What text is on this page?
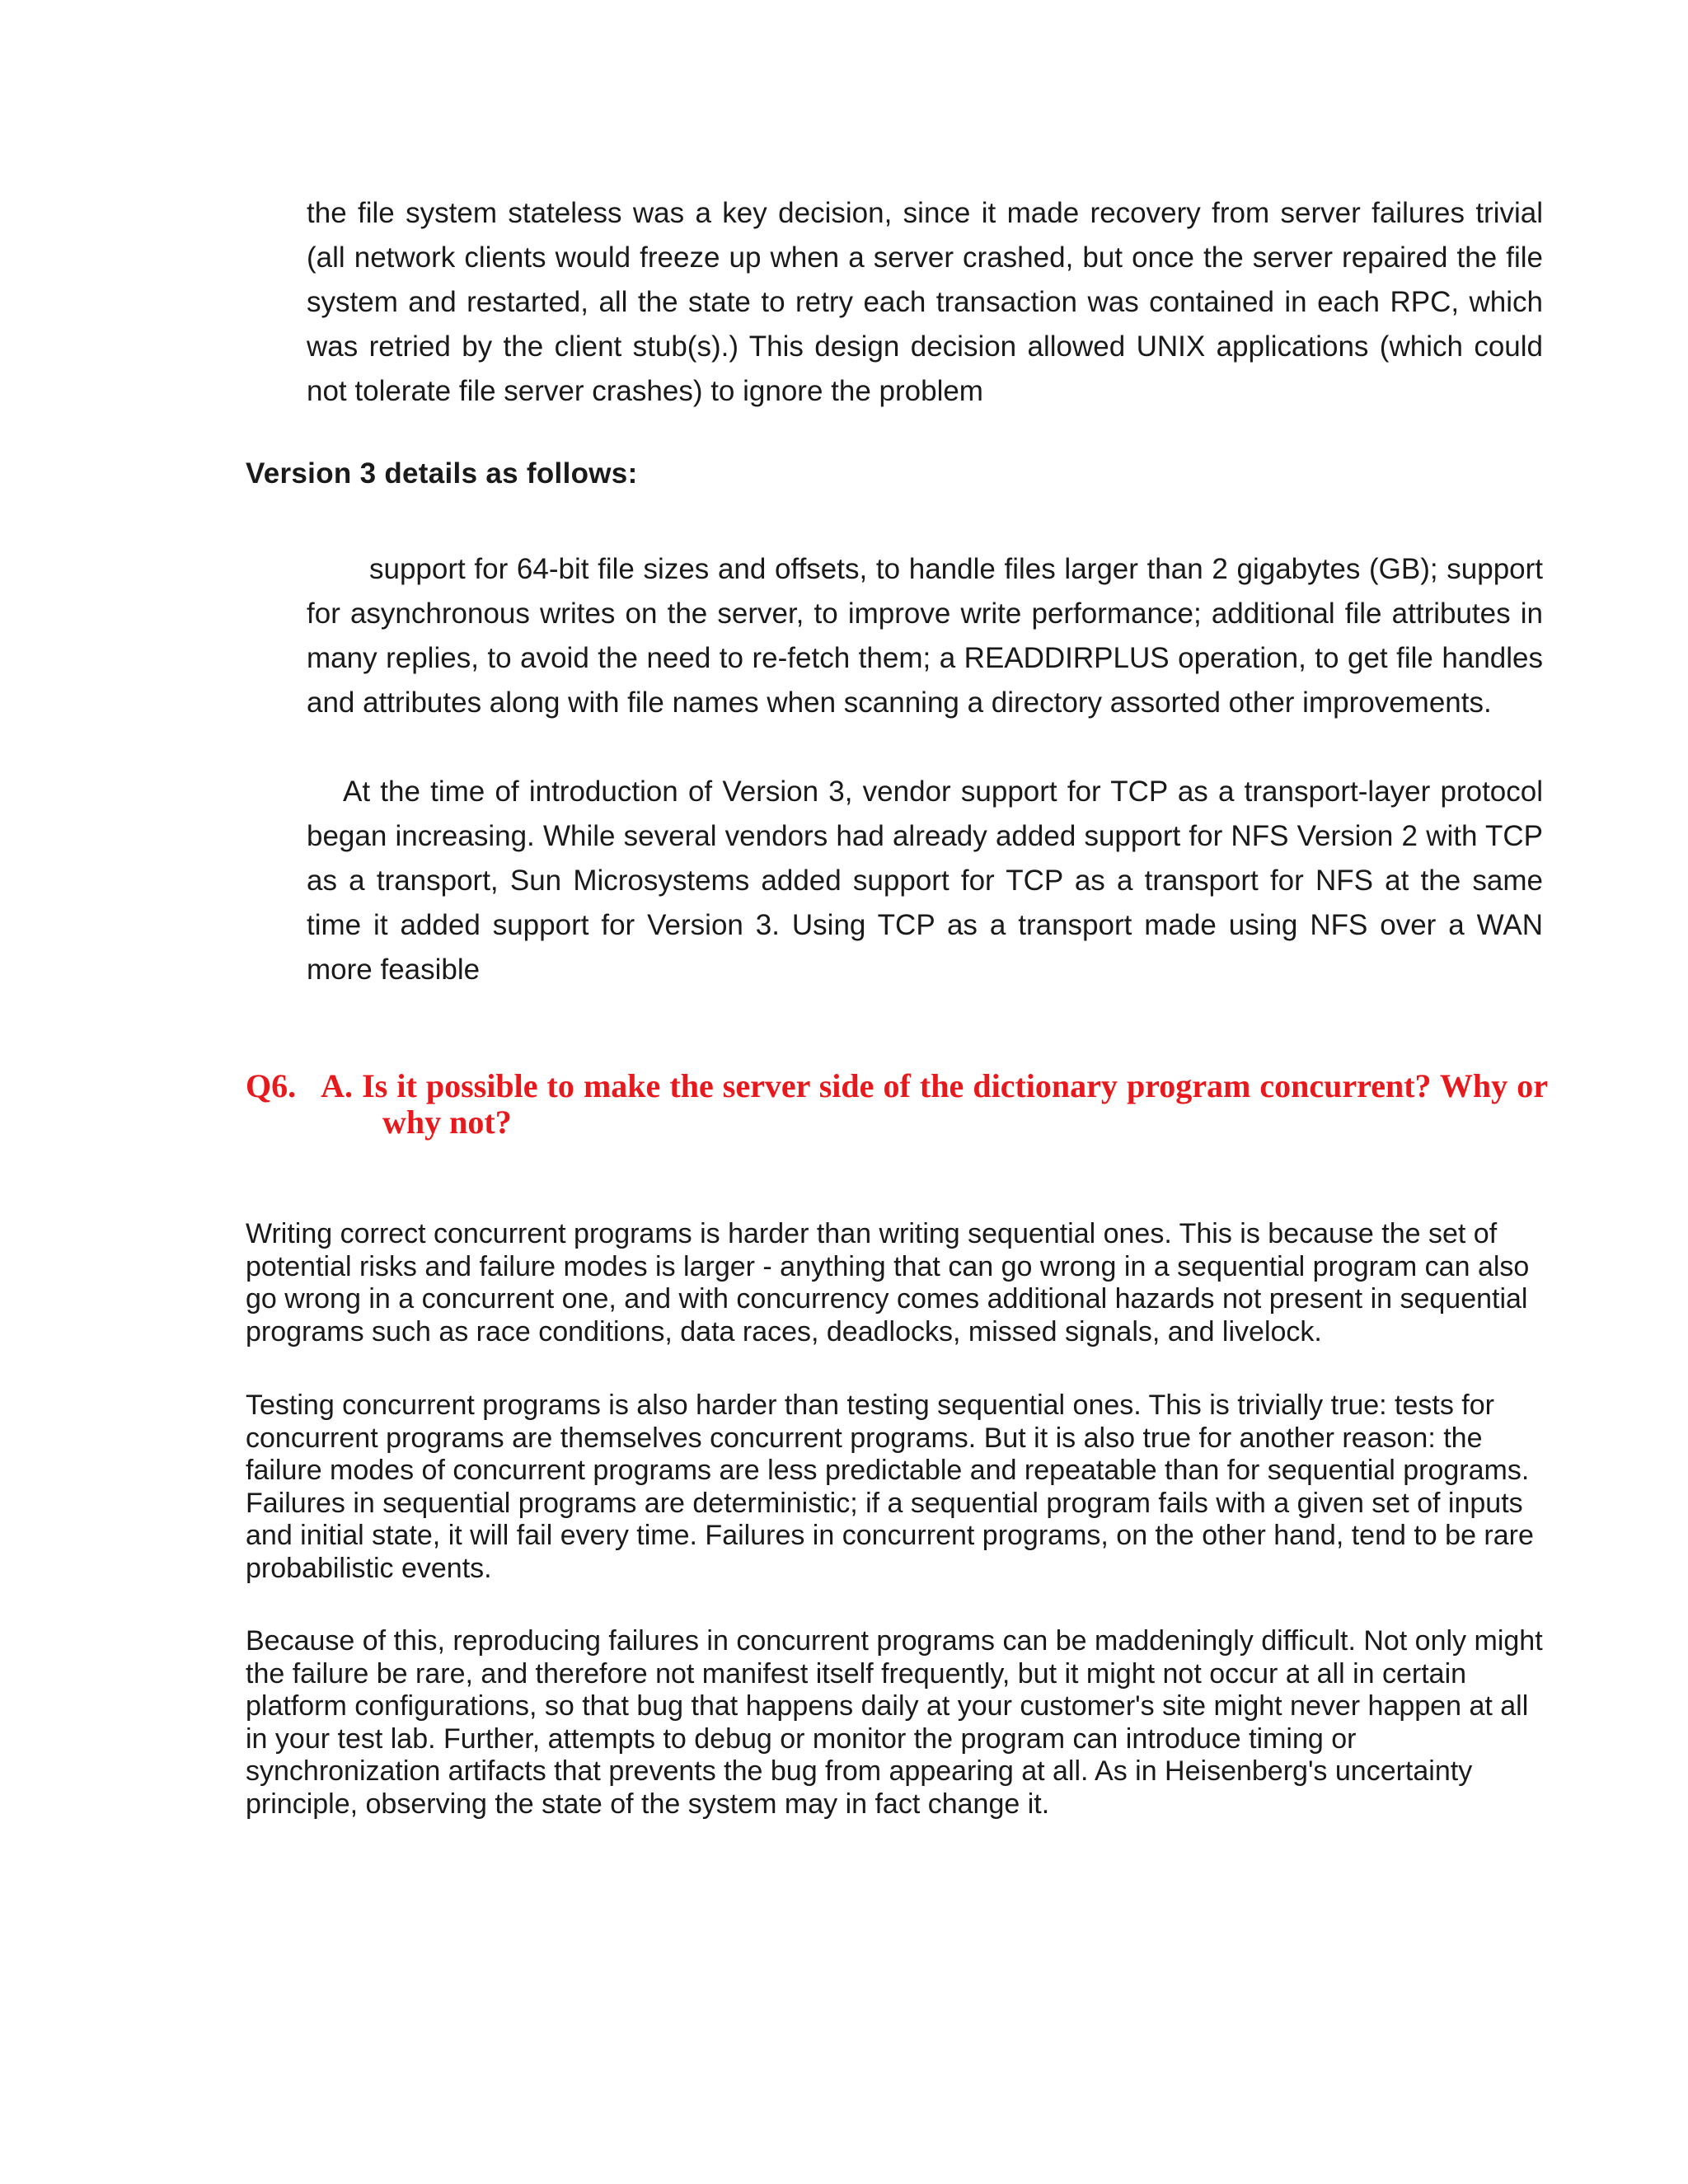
the file system stateless was a key decision, since it made recovery from server failures trivial (all network clients would freeze up when a server crashed, but once the server repaired the file system and restarted, all the state to retry each transaction was contained in each RPC, which was retried by the client stub(s).) This design decision allowed UNIX applications (which could not tolerate file server crashes) to ignore the problem

Version 3 details as follows:

support for 64-bit file sizes and offsets, to handle files larger than 2 gigabytes (GB); support for asynchronous writes on the server, to improve write performance; additional file attributes in many replies, to avoid the need to re-fetch them; a READDIRPLUS operation, to get file handles and attributes along with file names when scanning a directory assorted other improvements.

At the time of introduction of Version 3, vendor support for TCP as a transport-layer protocol began increasing. While several vendors had already added support for NFS Version 2 with TCP as a transport, Sun Microsystems added support for TCP as a transport for NFS at the same time it added support for Version 3. Using TCP as a transport made using NFS over a WAN more feasible

Q6. A. Is it possible to make the server side of the dictionary program concurrent? Why or
why not?

Writing correct concurrent programs is harder than writing sequential ones. This is because the set of potential risks and failure modes is larger - anything that can go wrong in a sequential program can also go wrong in a concurrent one, and with concurrency comes additional hazards not present in sequential programs such as race conditions, data races, deadlocks, missed signals, and livelock.

Testing concurrent programs is also harder than testing sequential ones. This is trivially true: tests for concurrent programs are themselves concurrent programs. But it is also true for another reason: the failure modes of concurrent programs are less predictable and repeatable than for sequential programs. Failures in sequential programs are deterministic; if a sequential program fails with a given set of inputs and initial state, it will fail every time. Failures in concurrent programs, on the other hand, tend to be rare probabilistic events.

Because of this, reproducing failures in concurrent programs can be maddeningly difficult. Not only might the failure be rare, and therefore not manifest itself frequently, but it might not occur at all in certain platform configurations, so that bug that happens daily at your customer's site might never happen at all in your test lab. Further, attempts to debug or monitor the program can introduce timing or synchronization artifacts that prevents the bug from appearing at all. As in Heisenberg's uncertainty principle, observing the state of the system may in fact change it.
